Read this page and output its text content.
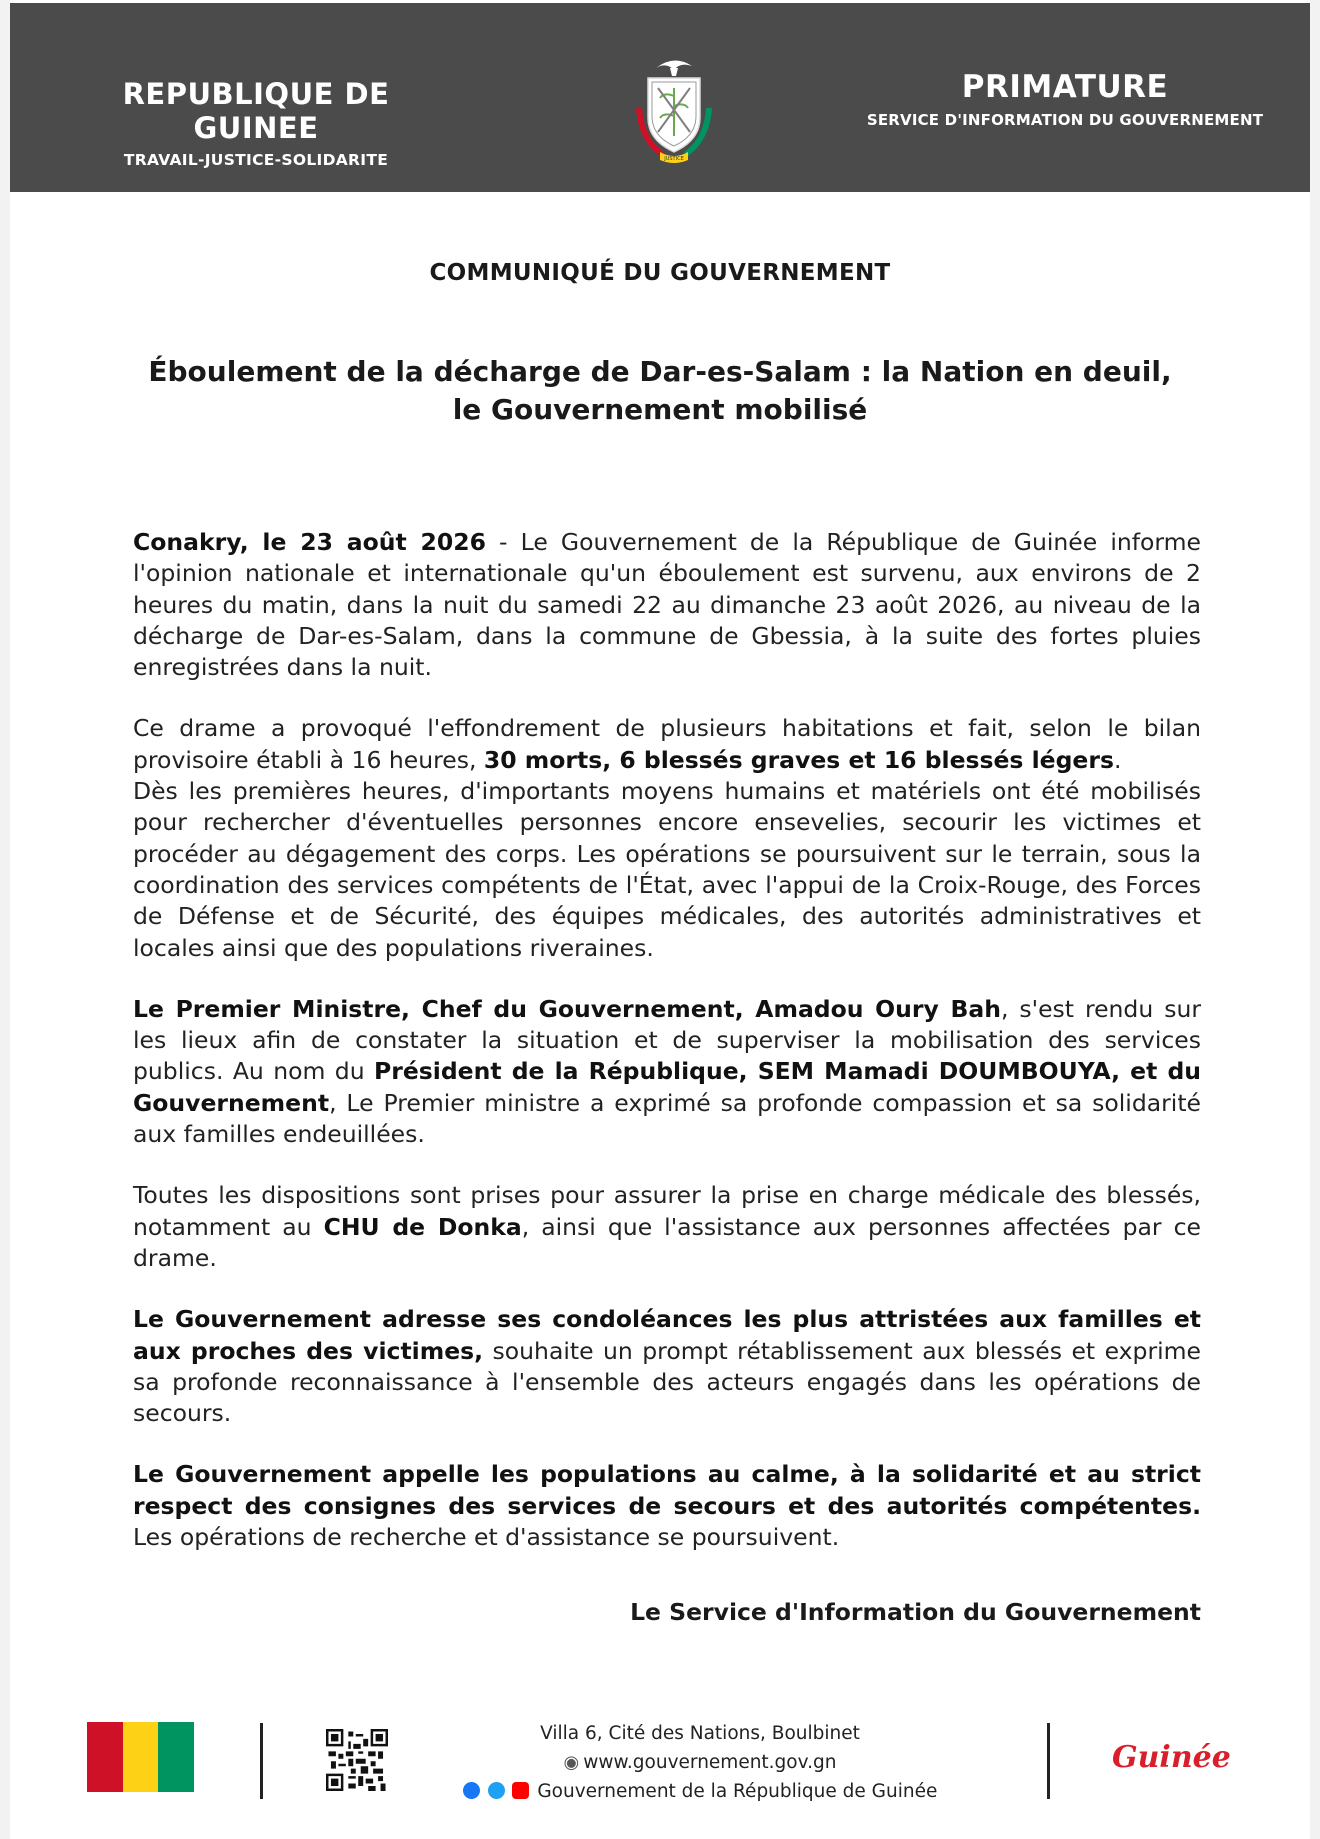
REPUBLIQUE DE GUINEE
TRAVAIL-JUSTICE-SOLIDARITE	JUSTICE
PRIMATURE
SERVICE D'INFORMATION DU GOUVERNEMENT
COMMUNIQUÉ DU GOUVERNEMENT
Éboulement de la décharge de Dar-es-Salam : la Nation en deuil, le Gouvernement mobilisé

Conakry, le 23 août 2026 - Le Gouvernement de la République de Guinée informe l'opinion nationale et internationale qu'un éboulement est survenu, aux environs de 2 heures du matin, dans la nuit du samedi 22 au dimanche 23 août 2026, au niveau de la décharge de Dar-es-Salam, dans la commune de Gbessia, à la suite des fortes pluies enregistrées dans la nuit.

Ce drame a provoqué l'effondrement de plusieurs habitations et fait, selon le bilan provisoire établi à 16 heures, 30 morts, 6 blessés graves et 16 blessés légers.
Dès les premières heures, d'importants moyens humains et matériels ont été mobilisés pour rechercher d'éventuelles personnes encore ensevelies, secourir les victimes et procéder au dégagement des corps. Les opérations se poursuivent sur le terrain, sous la coordination des services compétents de l'État, avec l'appui de la Croix-Rouge, des Forces de Défense et de Sécurité, des équipes médicales, des autorités administratives et locales ainsi que des populations riveraines.

Le Premier Ministre, Chef du Gouvernement, Amadou Oury Bah, s'est rendu sur les lieux afin de constater la situation et de superviser la mobilisation des services publics. Au nom du Président de la République, SEM Mamadi DOUMBOUYA, et du Gouvernement, Le Premier ministre a exprimé sa profonde compassion et sa solidarité aux familles endeuillées.

Toutes les dispositions sont prises pour assurer la prise en charge médicale des blessés, notamment au CHU de Donka, ainsi que l'assistance aux personnes affectées par ce drame.

Le Gouvernement adresse ses condoléances les plus attristées aux familles et aux proches des victimes, souhaite un prompt rétablissement aux blessés et exprime sa profonde reconnaissance à l'ensemble des acteurs engagés dans les opérations de secours.

Le Gouvernement appelle les populations au calme, à la solidarité et au strict respect des consignes des services de secours et des autorités compétentes. Les opérations de recherche et d'assistance se poursuivent.

Le Service d'Information du Gouvernement
Villa 6, Cité des Nations, Boulbinet
◉ www.gouvernement.gov.gn
Gouvernement de la République de Guinée
Guinée
